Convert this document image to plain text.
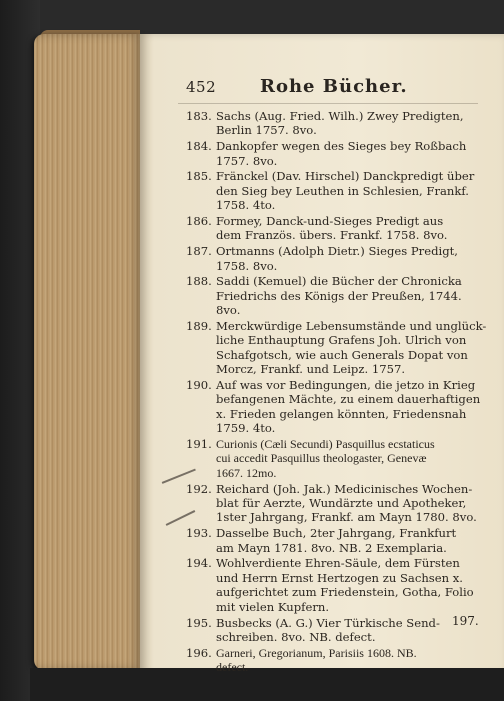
452 Rohe Bücher.
183. Sachs (Aug. Fried. Wilh.) Zwey Predigten,
Berlin 1757. 8vo.
184. Dankopfer wegen des Sieges bey Roßbach
1757. 8vo.
185. Fränckel (Dav. Hirschel) Danckpredigt über
den Sieg bey Leuthen in Schlesien, Frankf.
1758. 4to.
186. Formey, Danck-und-Sieges Predigt aus
dem Französ. übers. Frankf. 1758. 8vo.
187. Ortmanns (Adolph Dietr.) Sieges Predigt,
1758. 8vo.
188. Saddi (Kemuel) die Bücher der Chronicka
Friedrichs des Königs der Preußen, 1744.
8vo.
189. Merckwürdige Lebensumstände und unglück-
liche Enthauptung Grafens Joh. Ulrich von
Schafgotsch, wie auch Generals Dopat von
Morcz, Frankf. und Leipz. 1757.
190. Auf was vor Bedingungen, die jetzo in Krieg
befangenen Mächte, zu einem dauerhaftigen
x. Frieden gelangen könnten, Friedensnah
1759. 4to.
191. Curionis (Cæli Secundi) Pasquillus ecstaticus
cui accedit Pasquillus theologaster, Genevæ
1667. 12mo.
192. Reichard (Joh. Jak.) Medicinisches Wochen-
blat für Aerzte, Wundärzte und Apotheker,
1ster Jahrgang, Frankf. am Mayn 1780. 8vo.
193. Dasselbe Buch, 2ter Jahrgang, Frankfurt
am Mayn 1781. 8vo. NB. 2 Exemplaria.
194. Wohlverdiente Ehren-Säule, dem Fürsten
und Herrn Ernst Hertzogen zu Sachsen x.
aufgerichtet zum Friedenstein, Gotha, Folio
mit vielen Kupfern.
195. Busbecks (A. G.) Vier Türkische Send-
schreiben. 8vo. NB. defect.
196. Garneri, Gregorianum, Parisiis 1608. NB.
defect.
197.
